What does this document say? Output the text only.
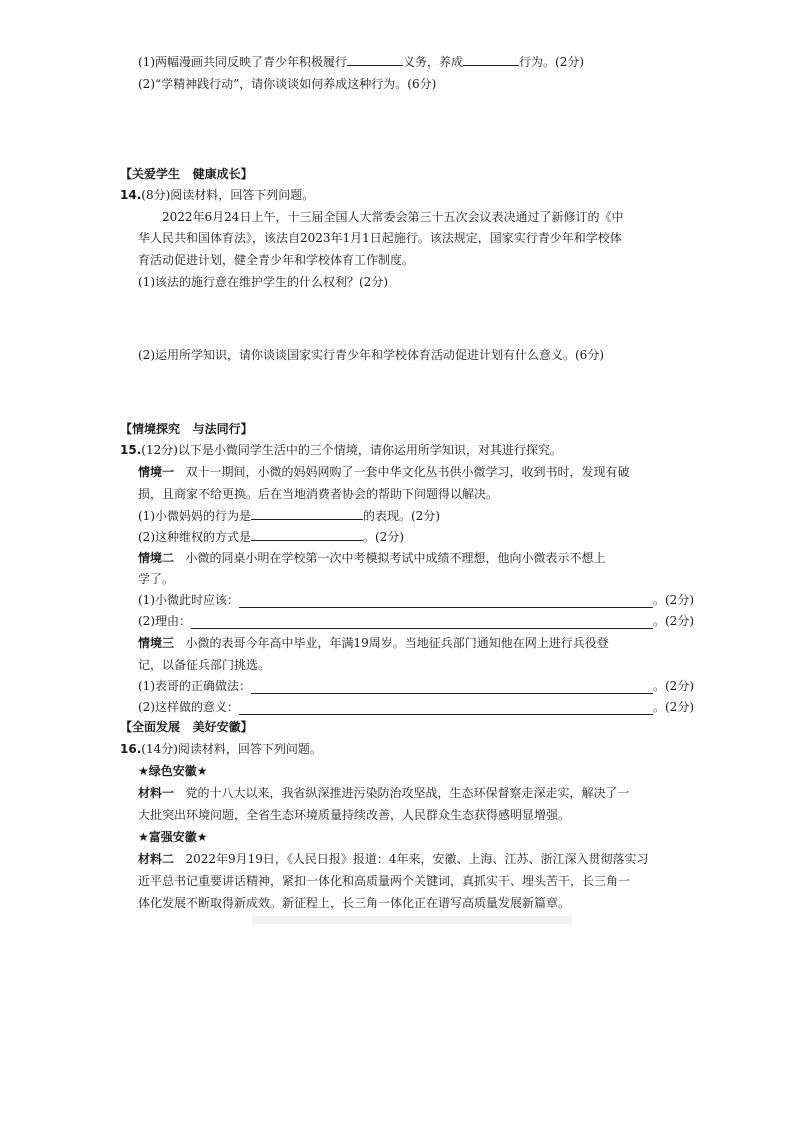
(1)两幅漫画共同反映了青少年积极履行	义务，养成	行为。(2分)
(2)“学精神践行动”，请你谈谈如何养成这种行为。(6分)
【关爱学生 健康成长】
14.(8分)阅读材料，回答下列问题。
2022年6月24日上午，十三届全国人大常委会第三十五次会议表决通过了新修订的《中
华人民共和国体育法》，该法自2023年1月1日起施行。该法规定，国家实行青少年和学校体
育活动促进计划，健全青少年和学校体育工作制度。
(1)该法的施行意在维护学生的什么权利？(2分)
(2)运用所学知识，请你谈谈国家实行青少年和学校体育活动促进计划有什么意义。(6分)
【情境探究 与法同行】
15.(12分)以下是小微同学生活中的三个情境，请你运用所学知识，对其进行探究。
情境一 双十一期间，小微的妈妈网购了一套中华文化丛书供小微学习，收到书时，发现有破
损，且商家不给更换。后在当地消费者协会的帮助下问题得以解决。
(1)小微妈妈的行为是	的表现。(2分)
(2)这种维权的方式是	。(2分)
情境二 小微的同桌小明在学校第一次中考模拟考试中成绩不理想，他向小微表示不想上
学了。
(1)小微此时应该：	。(2分)
(2)理由：	。(2分)
情境三 小微的表哥今年高中毕业，年满19周岁。当地征兵部门通知他在网上进行兵役登
记，以备征兵部门挑选。
(1)表哥的正确做法：	。(2分)
(2)这样做的意义：	。(2分)
【全面发展 美好安徽】
16.(14分)阅读材料，回答下列问题。
★绿色安徽★
材料一 党的十八大以来，我省纵深推进污染防治攻坚战，生态环保督察走深走实，解决了一
大批突出环境问题，全省生态环境质量持续改善，人民群众生态获得感明显增强。
★富强安徽★
材料二 2022年9月19日，《人民日报》报道：4年来，安徽、上海、江苏、浙江深入贯彻落实习
近平总书记重要讲话精神，紧扣一体化和高质量两个关键词，真抓实干、埋头苦干，长三角一
体化发展不断取得新成效。新征程上，长三角一体化正在谱写高质量发展新篇章。
